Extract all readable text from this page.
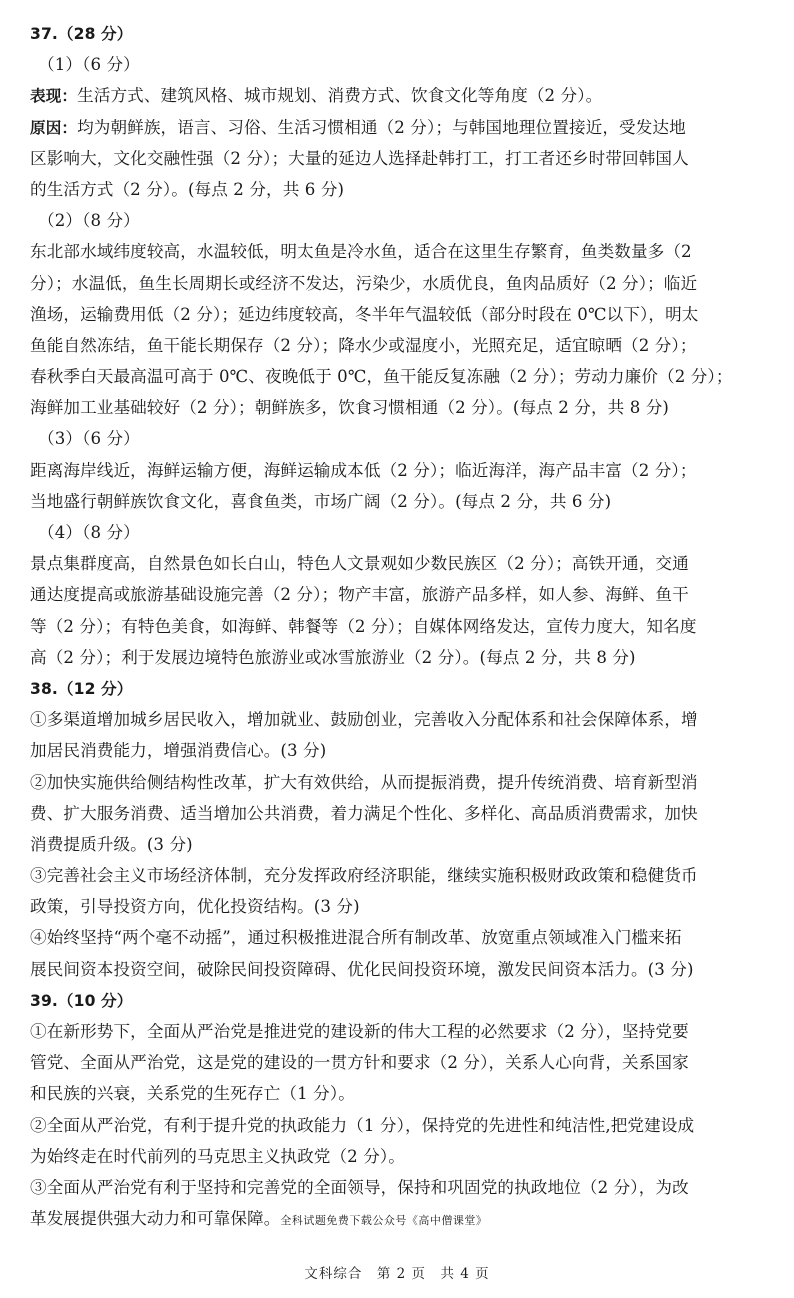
37.（28 分）
（1）（6 分）
表现：生活方式、建筑风格、城市规划、消费方式、饮食文化等角度（2 分）。
原因：均为朝鲜族，语言、习俗、生活习惯相通（2 分）；与韩国地理位置接近，受发达地
区影响大，文化交融性强（2 分）；大量的延边人选择赴韩打工，打工者还乡时带回韩国人
的生活方式（2 分）。(每点 2 分，共 6 分)
（2）（8 分）
东北部水域纬度较高，水温较低，明太鱼是冷水鱼，适合在这里生存繁育，鱼类数量多（2
分）；水温低，鱼生长周期长或经济不发达，污染少，水质优良，鱼肉品质好（2 分）；临近
渔场，运输费用低（2 分）；延边纬度较高，冬半年气温较低（部分时段在 0℃以下），明太
鱼能自然冻结，鱼干能长期保存（2 分）；降水少或湿度小，光照充足，适宜晾晒（2 分）；
春秋季白天最高温可高于 0℃、夜晚低于 0℃，鱼干能反复冻融（2 分）；劳动力廉价（2 分）；
海鲜加工业基础较好（2 分）；朝鲜族多，饮食习惯相通（2 分）。(每点 2 分，共 8 分)
（3）（6 分）
距离海岸线近，海鲜运输方便，海鲜运输成本低（2 分）；临近海洋，海产品丰富（2 分）；
当地盛行朝鲜族饮食文化，喜食鱼类，市场广阔（2 分）。(每点 2 分，共 6 分)
（4）（8 分）
景点集群度高，自然景色如长白山，特色人文景观如少数民族区（2 分）；高铁开通，交通
通达度提高或旅游基础设施完善（2 分）；物产丰富，旅游产品多样，如人参、海鲜、鱼干
等（2 分）；有特色美食，如海鲜、韩餐等（2 分）；自媒体网络发达，宣传力度大，知名度
高（2 分）；利于发展边境特色旅游业或冰雪旅游业（2 分）。(每点 2 分，共 8 分)
38.（12 分）
①多渠道增加城乡居民收入，增加就业、鼓励创业，完善收入分配体系和社会保障体系，增
加居民消费能力，增强消费信心。(3 分)
②加快实施供给侧结构性改革，扩大有效供给，从而提振消费，提升传统消费、培育新型消
费、扩大服务消费、适当增加公共消费，着力满足个性化、多样化、高品质消费需求，加快
消费提质升级。(3 分)
③完善社会主义市场经济体制，充分发挥政府经济职能，继续实施积极财政政策和稳健货币
政策，引导投资方向，优化投资结构。(3 分)
④始终坚持“两个毫不动摇”，通过积极推进混合所有制改革、放宽重点领域准入门槛来拓
展民间资本投资空间，破除民间投资障碍、优化民间投资环境，激发民间资本活力。(3 分)
39.（10 分）
①在新形势下，全面从严治党是推进党的建设新的伟大工程的必然要求（2 分），坚持党要
管党、全面从严治党，这是党的建设的一贯方针和要求（2 分），关系人心向背，关系国家
和民族的兴衰，关系党的生死存亡（1 分）。
②全面从严治党，有利于提升党的执政能力（1 分），保持党的先进性和纯洁性,把党建设成
为始终走在时代前列的马克思主义执政党（2 分）。
③全面从严治党有利于坚持和完善党的全面领导，保持和巩固党的执政地位（2 分），为改
革发展提供强大动力和可靠保障。全科试题免费下载公众号《高中僧课堂》
文科综合　第 2 页　共 4 页
